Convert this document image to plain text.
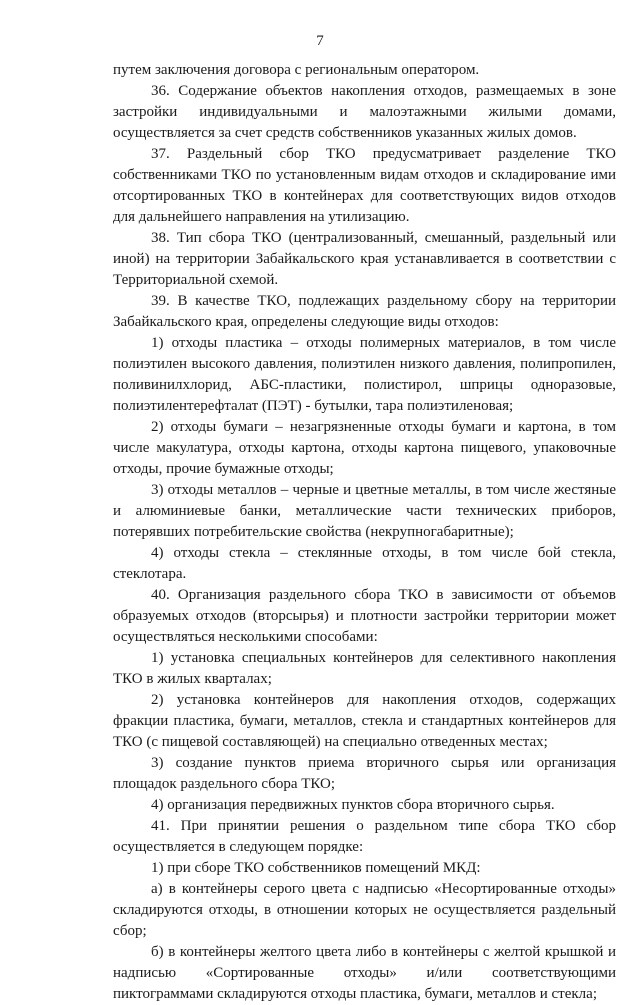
7

путем заключения договора с региональным оператором.

36. Содержание объектов накопления отходов, размещаемых в зоне застройки индивидуальными и малоэтажными жилыми домами, осуществляется за счет средств собственников указанных жилых домов.

37. Раздельный сбор ТКО предусматривает разделение ТКО собственниками ТКО по установленным видам отходов и складирование ими отсортированных ТКО в контейнерах для соответствующих видов отходов для дальнейшего направления на утилизацию.

38. Тип сбора ТКО (централизованный, смешанный, раздельный или иной) на территории Забайкальского края устанавливается в соответствии с Территориальной схемой.

39. В качестве ТКО, подлежащих раздельному сбору на территории Забайкальского края, определены следующие виды отходов:

1) отходы пластика – отходы полимерных материалов, в том числе полиэтилен высокого давления, полиэтилен низкого давления, полипропилен, поливинилхлорид, АБС-пластики, полистирол, шприцы одноразовые, полиэтилентерефталат (ПЭТ) - бутылки, тара полиэтиленовая;

2) отходы бумаги – незагрязненные отходы бумаги и картона, в том числе макулатура, отходы картона, отходы картона пищевого, упаковочные отходы, прочие бумажные отходы;

3) отходы металлов – черные и цветные металлы, в том числе жестяные и алюминиевые банки, металлические части технических приборов, потерявших потребительские свойства (некрупногабаритные);

4) отходы стекла – стеклянные отходы, в том числе бой стекла, стеклотара.

40. Организация раздельного сбора ТКО в зависимости от объемов образуемых отходов (вторсырья) и плотности застройки территории может осуществляться несколькими способами:

1) установка специальных контейнеров для селективного накопления ТКО в жилых кварталах;

2) установка контейнеров для накопления отходов, содержащих фракции пластика, бумаги, металлов, стекла и стандартных контейнеров для ТКО (с пищевой составляющей) на специально отведенных местах;

3) создание пунктов приема вторичного сырья или организация площадок раздельного сбора ТКО;

4) организация передвижных пунктов сбора вторичного сырья.

41. При принятии решения о раздельном типе сбора ТКО сбор осуществляется в следующем порядке:

1) при сборе ТКО собственников помещений МКД:

а) в контейнеры серого цвета с надписью «Несортированные отходы» складируются отходы, в отношении которых не осуществляется раздельный сбор;

б) в контейнеры желтого цвета либо в контейнеры с желтой крышкой и надписью «Сортированные отходы» и/или соответствующими пиктограммами складируются отходы пластика, бумаги, металлов и стекла;
